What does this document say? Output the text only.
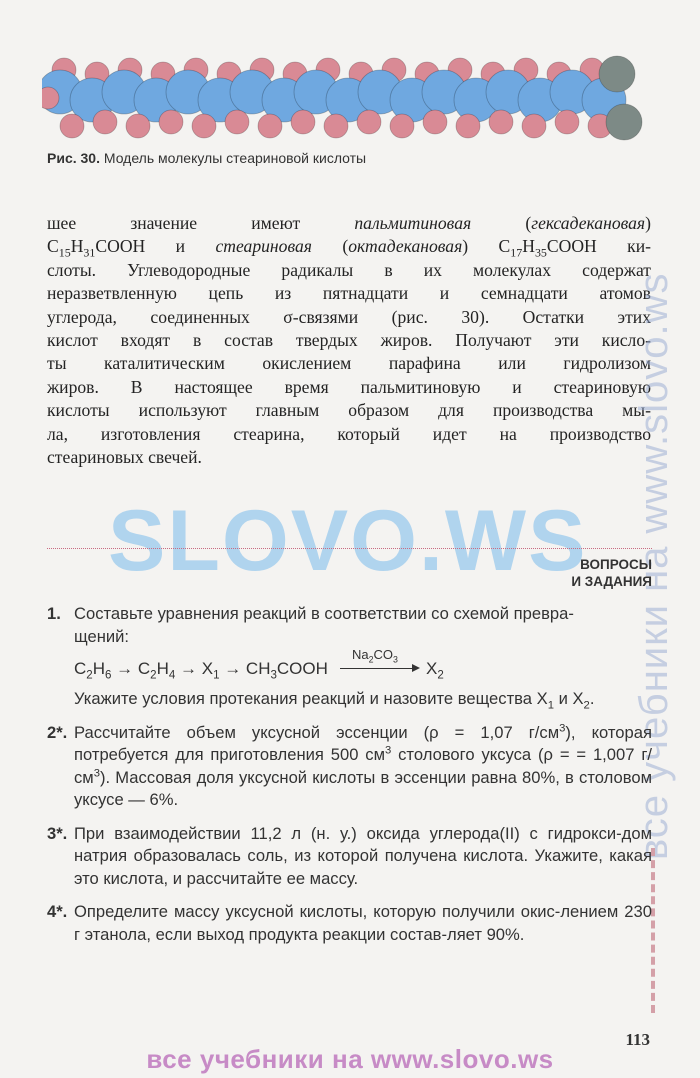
Рис. 30. Модель молекулы стеариновой кислоты
шее значение имеют пальмитиновая (гексадекановая)
$C_{15}H_{31}COOH$ и стеариновая (октадекановая) $C_{17}H_{35}COOH$ ки-
слоты. Углеводородные радикалы в их молекулах содержат
неразветвленную цепь из пятнадцати и семнадцати атомов
углерода, соединенных σ-связями (рис. 30). Остатки этих
кислот входят в состав твердых жиров. Получают эти кисло-
ты каталитическим окислением парафина или гидролизом
жиров. В настоящее время пальмитиновую и стеариновую
кислоты используют главным образом для производства мы-
ла, изготовления стеарина, который идет на производство
стеариновых свечей.
SLOVO.WS все учебники на www.slovo.ws
ВОПРОСЫ
И ЗАДАНИЯ
1. Составьте уравнения реакций в соответствии со схемой превра-
щений:
$C_2H_6 \to C_2H_4 \to X_1$ → $CH_3COOH$
$Na_2CO_3$ $X_2$
Укажите условия протекания реакций и назовите вещества $X_1$ и $X_2$.
2*. Рассчитайте объем уксусной эссенции (ρ = 1,07 $г/см^3$), которая потребуется для приготовления 500 $см^3$ столового уксуса (ρ = = 1,007 $г/см^3$). Массовая доля уксусной кислоты в эссенции равна 80%, в столовом уксусе — 6%.
3*. При взаимодействии 11,2 л (н. у.) оксида углерода(II) с гидрокси-дом натрия образовалась соль, из которой получена кислота. Укажите, какая это кислота, и рассчитайте ее массу.
4*. Определите массу уксусной кислоты, которую получили окис-лением 230 г этанола, если выход продукта реакции состав-ляет 90%.
113
все учебники на www.slovo.ws
